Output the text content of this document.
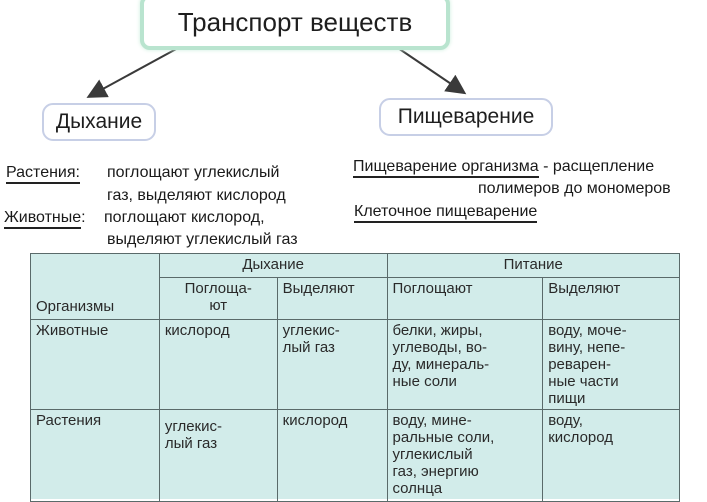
Транспорт веществ
Дыхание	Пищеварение
Растения: поглощают углекислый
газ, выделяют кислород
Животные: поглощают кислород,
выделяют углекислый газ
Пищеварение организма - расщепление
полимеров до мономеров
Клеточное пищеварение
Организмы	Дыхание		Питание	
	Поглоща-
ют	Выделяют	Поглощают	Выделяют
Животные	кислород	углекис-
лый газ	белки, жиры,
углеводы, во-
ду, минераль-
ные соли	воду, моче-
вину, непе-
реварен-
ные части
пищи
Растения	углекис-
лый газ	кислород	воду, мине-
ральные соли,
углекислый
газ, энергию
солнца	воду,
кислород
